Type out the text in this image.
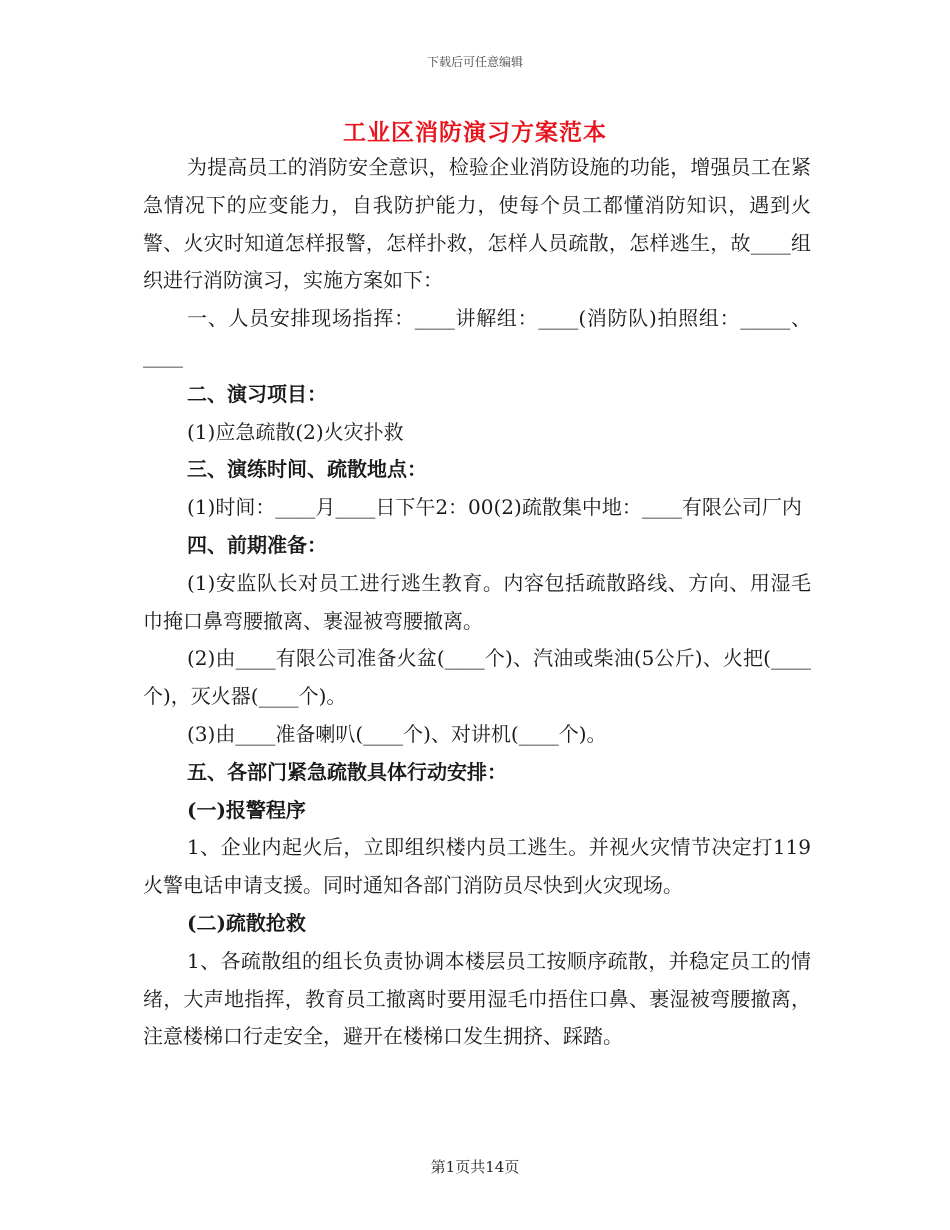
下载后可任意编辑
工业区消防演习方案范本

为提高员工的消防安全意识，检验企业消防设施的功能，增强员工在紧急情况下的应变能力，自我防护能力，使每个员工都懂消防知识，遇到火警、火灾时知道怎样报警，怎样扑救，怎样人员疏散，怎样逃生，故____组织进行消防演习，实施方案如下：

一、人员安排现场指挥：____讲解组：____(消防队)拍照组：_____、____

二、演习项目：

(1)应急疏散(2)火灾扑救

三、演练时间、疏散地点：

(1)时间：____月____日下午2：00(2)疏散集中地：____有限公司厂内

四、前期准备：

(1)安监队长对员工进行逃生教育。内容包括疏散路线、方向、用湿毛巾掩口鼻弯腰撤离、裹湿被弯腰撤离。

(2)由____有限公司准备火盆(____个)、汽油或柴油(5公斤)、火把(____个)，灭火器(____个)。

(3)由____准备喇叭(____个)、对讲机(____个)。

五、各部门紧急疏散具体行动安排：

(一)报警程序

1、企业内起火后，立即组织楼内员工逃生。并视火灾情节决定打119火警电话申请支援。同时通知各部门消防员尽快到火灾现场。

(二)疏散抢救

1、各疏散组的组长负责协调本楼层员工按顺序疏散，并稳定员工的情绪，大声地指挥，教育员工撤离时要用湿毛巾捂住口鼻、裹湿被弯腰撤离，注意楼梯口行走安全，避开在楼梯口发生拥挤、踩踏。

第1页共14页
